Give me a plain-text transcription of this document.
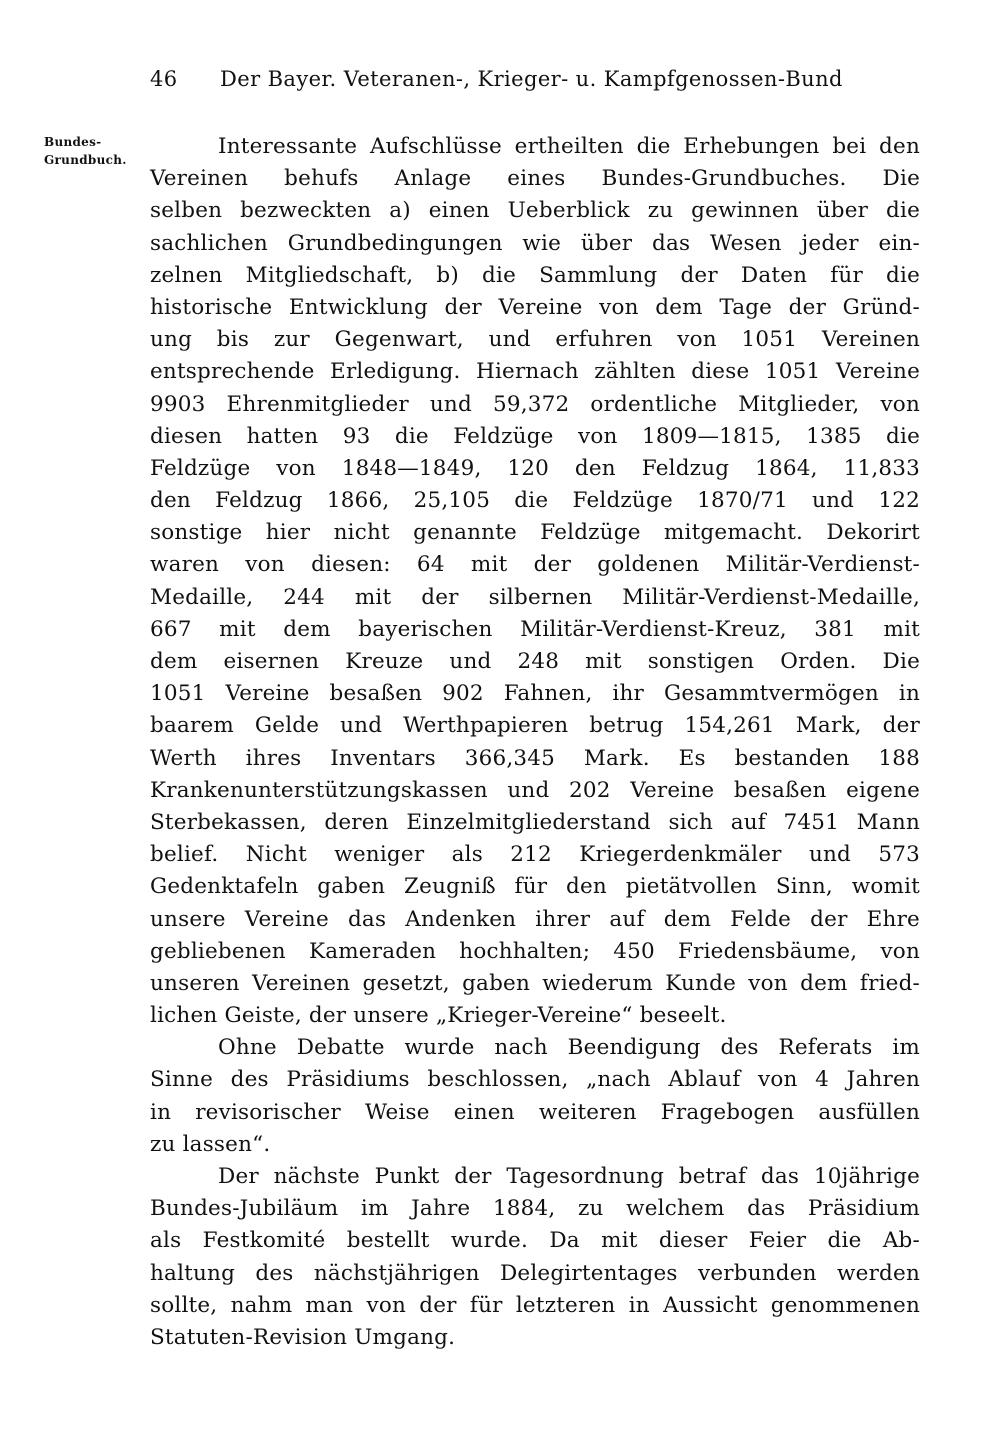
46 Der Bayer. Veteranen-, Krieger- u. Kampfgenossen-Bund
Bundes-
Grundbuch.

Interessante Aufschlüsse ertheilten die Erhebungen bei den
Vereinen behufs Anlage eines Bundes-Grundbuches. Die
selben bezweckten a) einen Ueberblick zu gewinnen über die
sachlichen Grundbedingungen wie über das Wesen jeder ein-
zelnen Mitgliedschaft, b) die Sammlung der Daten für die
historische Entwicklung der Vereine von dem Tage der Gründ-
ung bis zur Gegenwart, und erfuhren von 1051 Vereinen
entsprechende Erledigung. Hiernach zählten diese 1051 Vereine
9903 Ehrenmitglieder und 59,372 ordentliche Mitglieder, von
diesen hatten 93 die Feldzüge von 1809—1815, 1385 die
Feldzüge von 1848—1849, 120 den Feldzug 1864, 11,833
den Feldzug 1866, 25,105 die Feldzüge 1870/71 und 122
sonstige hier nicht genannte Feldzüge mitgemacht. Dekorirt
waren von diesen: 64 mit der goldenen Militär-Verdienst-
Medaille, 244 mit der silbernen Militär-Verdienst-Medaille,
667 mit dem bayerischen Militär-Verdienst-Kreuz, 381 mit
dem eisernen Kreuze und 248 mit sonstigen Orden. Die
1051 Vereine besaßen 902 Fahnen, ihr Gesammtvermögen in
baarem Gelde und Werthpapieren betrug 154,261 Mark, der
Werth ihres Inventars 366,345 Mark. Es bestanden 188
Krankenunterstützungskassen und 202 Vereine besaßen eigene
Sterbekassen, deren Einzelmitgliederstand sich auf 7451 Mann
belief. Nicht weniger als 212 Kriegerdenkmäler und 573
Gedenktafeln gaben Zeugniß für den pietätvollen Sinn, womit
unsere Vereine das Andenken ihrer auf dem Felde der Ehre
gebliebenen Kameraden hochhalten; 450 Friedensbäume, von
unseren Vereinen gesetzt, gaben wiederum Kunde von dem fried-
lichen Geiste, der unsere „Krieger-Vereine“ beseelt.

Ohne Debatte wurde nach Beendigung des Referats im
Sinne des Präsidiums beschlossen, „nach Ablauf von 4 Jahren
in revisorischer Weise einen weiteren Fragebogen ausfüllen
zu lassen“.

Der nächste Punkt der Tagesordnung betraf das 10jährige
Bundes-Jubiläum im Jahre 1884, zu welchem das Präsidium
als Festkomité bestellt wurde. Da mit dieser Feier die Ab-
haltung des nächstjährigen Delegirtentages verbunden werden
sollte, nahm man von der für letzteren in Aussicht genommenen
Statuten-Revision Umgang.
